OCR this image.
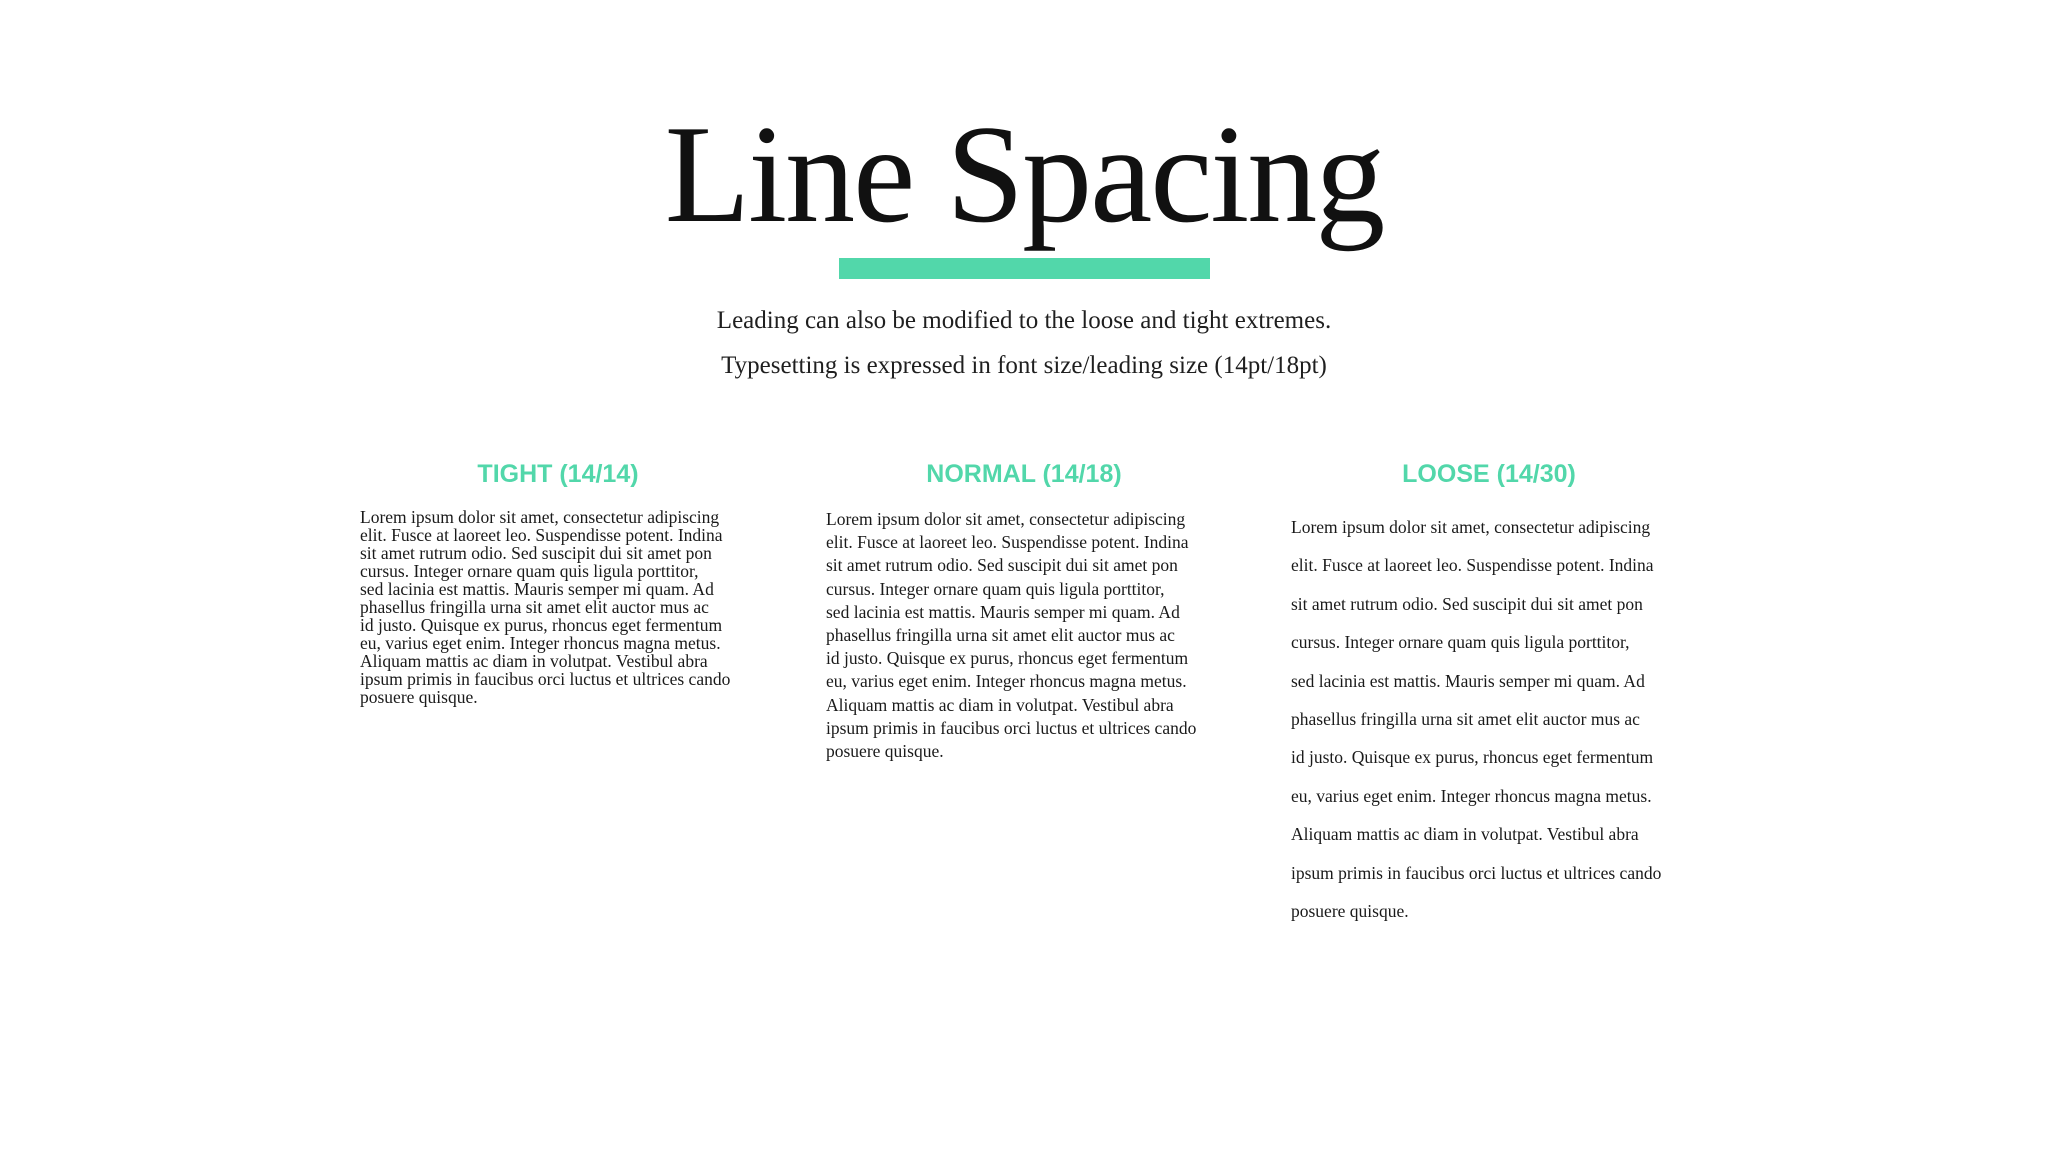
Line Spacing

Leading can also be modified to the loose and tight extremes.

Typesetting is expressed in font size/leading size (14pt/18pt)

TIGHT (14/14)
Lorem ipsum dolor sit amet, consectetur adipiscing
elit. Fusce at laoreet leo. Suspendisse potent. Indina
sit amet rutrum odio. Sed suscipit dui sit amet pon
cursus. Integer ornare quam quis ligula porttitor,
sed lacinia est mattis. Mauris semper mi quam. Ad
phasellus fringilla urna sit amet elit auctor mus ac
id justo. Quisque ex purus, rhoncus eget fermentum
eu, varius eget enim. Integer rhoncus magna metus.
Aliquam mattis ac diam in volutpat. Vestibul abra
ipsum primis in faucibus orci luctus et ultrices cando
posuere quisque.
NORMAL (14/18)
Lorem ipsum dolor sit amet, consectetur adipiscing
elit. Fusce at laoreet leo. Suspendisse potent. Indina
sit amet rutrum odio. Sed suscipit dui sit amet pon
cursus. Integer ornare quam quis ligula porttitor,
sed lacinia est mattis. Mauris semper mi quam. Ad
phasellus fringilla urna sit amet elit auctor mus ac
id justo. Quisque ex purus, rhoncus eget fermentum
eu, varius eget enim. Integer rhoncus magna metus.
Aliquam mattis ac diam in volutpat. Vestibul abra
ipsum primis in faucibus orci luctus et ultrices cando
posuere quisque.
LOOSE (14/30)
Lorem ipsum dolor sit amet, consectetur adipiscing
elit. Fusce at laoreet leo. Suspendisse potent. Indina
sit amet rutrum odio. Sed suscipit dui sit amet pon
cursus. Integer ornare quam quis ligula porttitor,
sed lacinia est mattis. Mauris semper mi quam. Ad
phasellus fringilla urna sit amet elit auctor mus ac
id justo. Quisque ex purus, rhoncus eget fermentum
eu, varius eget enim. Integer rhoncus magna metus.
Aliquam mattis ac diam in volutpat. Vestibul abra
ipsum primis in faucibus orci luctus et ultrices cando
posuere quisque.
